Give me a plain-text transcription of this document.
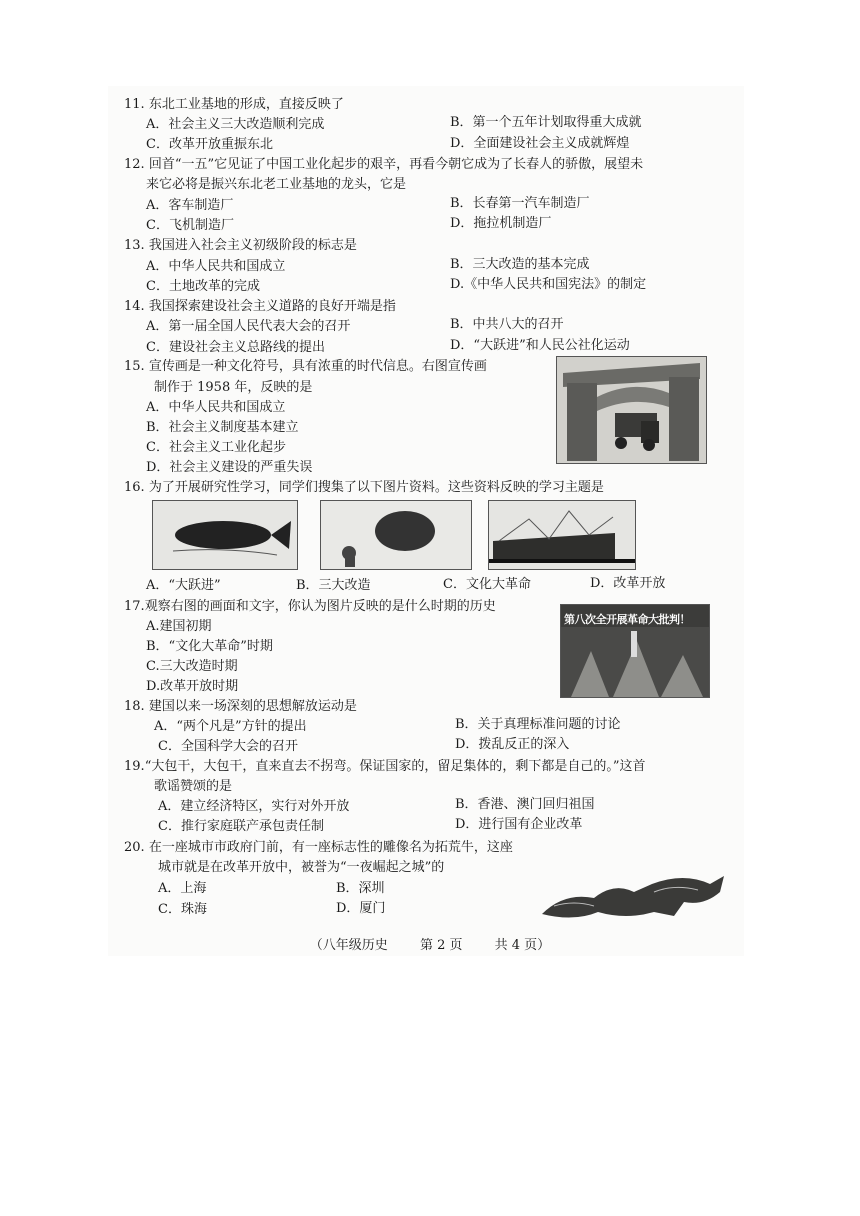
11. 东北工业基地的形成，直接反映了
A．社会主义三大改造顺利完成	B．第一个五年计划取得重大成就
C．改革开放重振东北	D．全面建设社会主义成就辉煌
12. 回首“一五”它见证了中国工业化起步的艰辛，再看今朝它成为了长春人的骄傲，展望未
来它必将是振兴东北老工业基地的龙头，它是
A．客车制造厂	B．长春第一汽车制造厂
C．飞机制造厂	D．拖拉机制造厂
13. 我国进入社会主义初级阶段的标志是
A．中华人民共和国成立	B．三大改造的基本完成
C．土地改革的完成	D.《中华人民共和国宪法》的制定
14. 我国探索建设社会主义道路的良好开端是指
A．第一届全国人民代表大会的召开	B．中共八大的召开
C．建设社会主义总路线的提出	D．“大跃进”和人民公社化运动
15. 宣传画是一种文化符号，具有浓重的时代信息。右图宣传画
制作于 1958 年，反映的是
A．中华人民共和国成立
B．社会主义制度基本建立
C．社会主义工业化起步
D．社会主义建设的严重失误
16. 为了开展研究性学习，同学们搜集了以下图片资料。这些资料反映的学习主题是
A．“大跃进”	B．三大改造	C．文化大革命	D．改革开放
17.观察右图的画面和文字，你认为图片反映的是什么时期的历史
A.建国初期
B．“文化大革命”时期
C.三大改造时期
D.改革开放时期
第八次全开展革命大批判！
18. 建国以来一场深刻的思想解放运动是
A．“两个凡是”方针的提出	B．关于真理标准问题的讨论
C．全国科学大会的召开	D．拨乱反正的深入
19.“大包干，大包干，直来直去不拐弯。保证国家的，留足集体的，剩下都是自己的。”这首
歌谣赞颂的是
A．建立经济特区，实行对外开放	B．香港、澳门回归祖国
C．推行家庭联产承包责任制	D．进行国有企业改革
20. 在一座城市市政府门前，有一座标志性的雕像名为拓荒牛，这座
城市就是在改革开放中，被誉为“一夜崛起之城”的
A．上海	B．深圳
C．珠海	D．厦门
（八年级历史 第 2 页 共 4 页）
